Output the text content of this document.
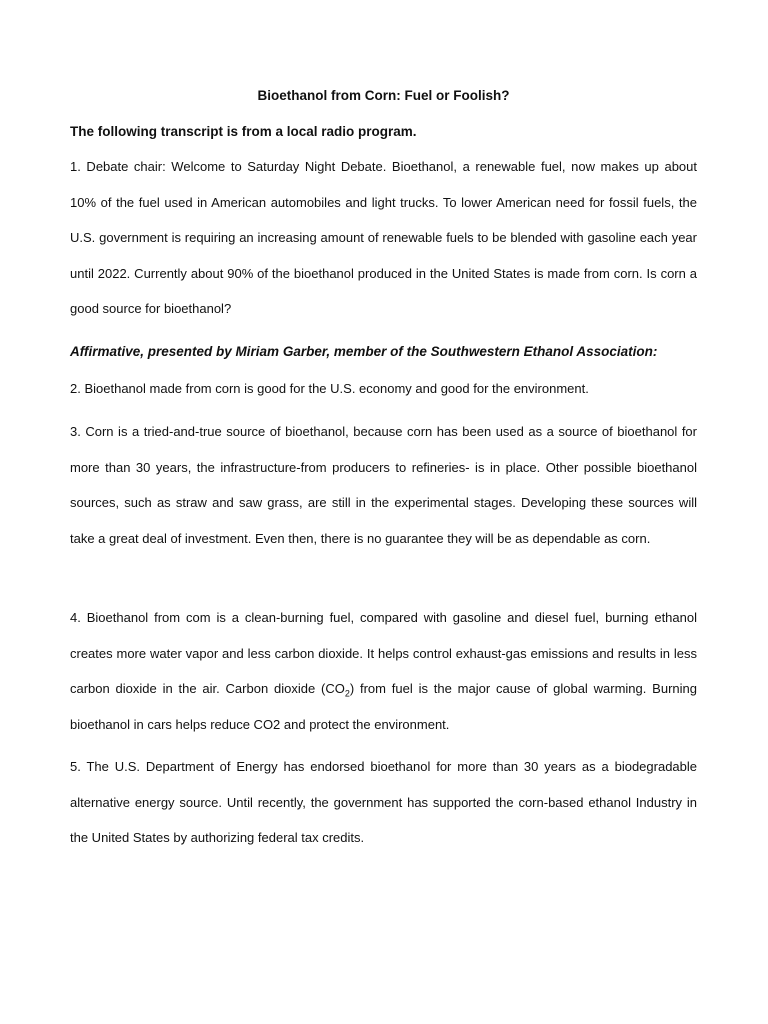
Bioethanol from Corn: Fuel or Foolish?
The following transcript is from a local radio program.

1. Debate chair: Welcome to Saturday Night Debate. Bioethanol, a renewable fuel, now makes up about 10% of the fuel used in American automobiles and light trucks. To lower American need for fossil fuels, the U.S. government is requiring an increasing amount of renewable fuels to be blended with gasoline each year until 2022. Currently about 90% of the bioethanol produced in the United States is made from corn. Is corn a good source for bioethanol?

Affirmative, presented by Miriam Garber, member of the Southwestern Ethanol Association:

2. Bioethanol made from corn is good for the U.S. economy and good for the environment.

3. Corn is a tried-and-true source of bioethanol, because corn has been used as a source of bioethanol for more than 30 years, the infrastructure-from producers to refineries- is in place. Other possible bioethanol sources, such as straw and saw grass, are still in the experimental stages. Developing these sources will take a great deal of investment. Even then, there is no guarantee they will be as dependable as corn.

4. Bioethanol from com is a clean-burning fuel, compared with gasoline and diesel fuel, burning ethanol creates more water vapor and less carbon dioxide. It helps control exhaust-gas emissions and results in less carbon dioxide in the air. Carbon dioxide $(CO_2)$ from fuel is the major cause of global warming. Burning bioethanol in cars helps reduce CO2 and protect the environment.

5. The U.S. Department of Energy has endorsed bioethanol for more than 30 years as a biodegradable alternative energy source. Until recently, the government has supported the corn-based ethanol Industry in the United States by authorizing federal tax credits.
